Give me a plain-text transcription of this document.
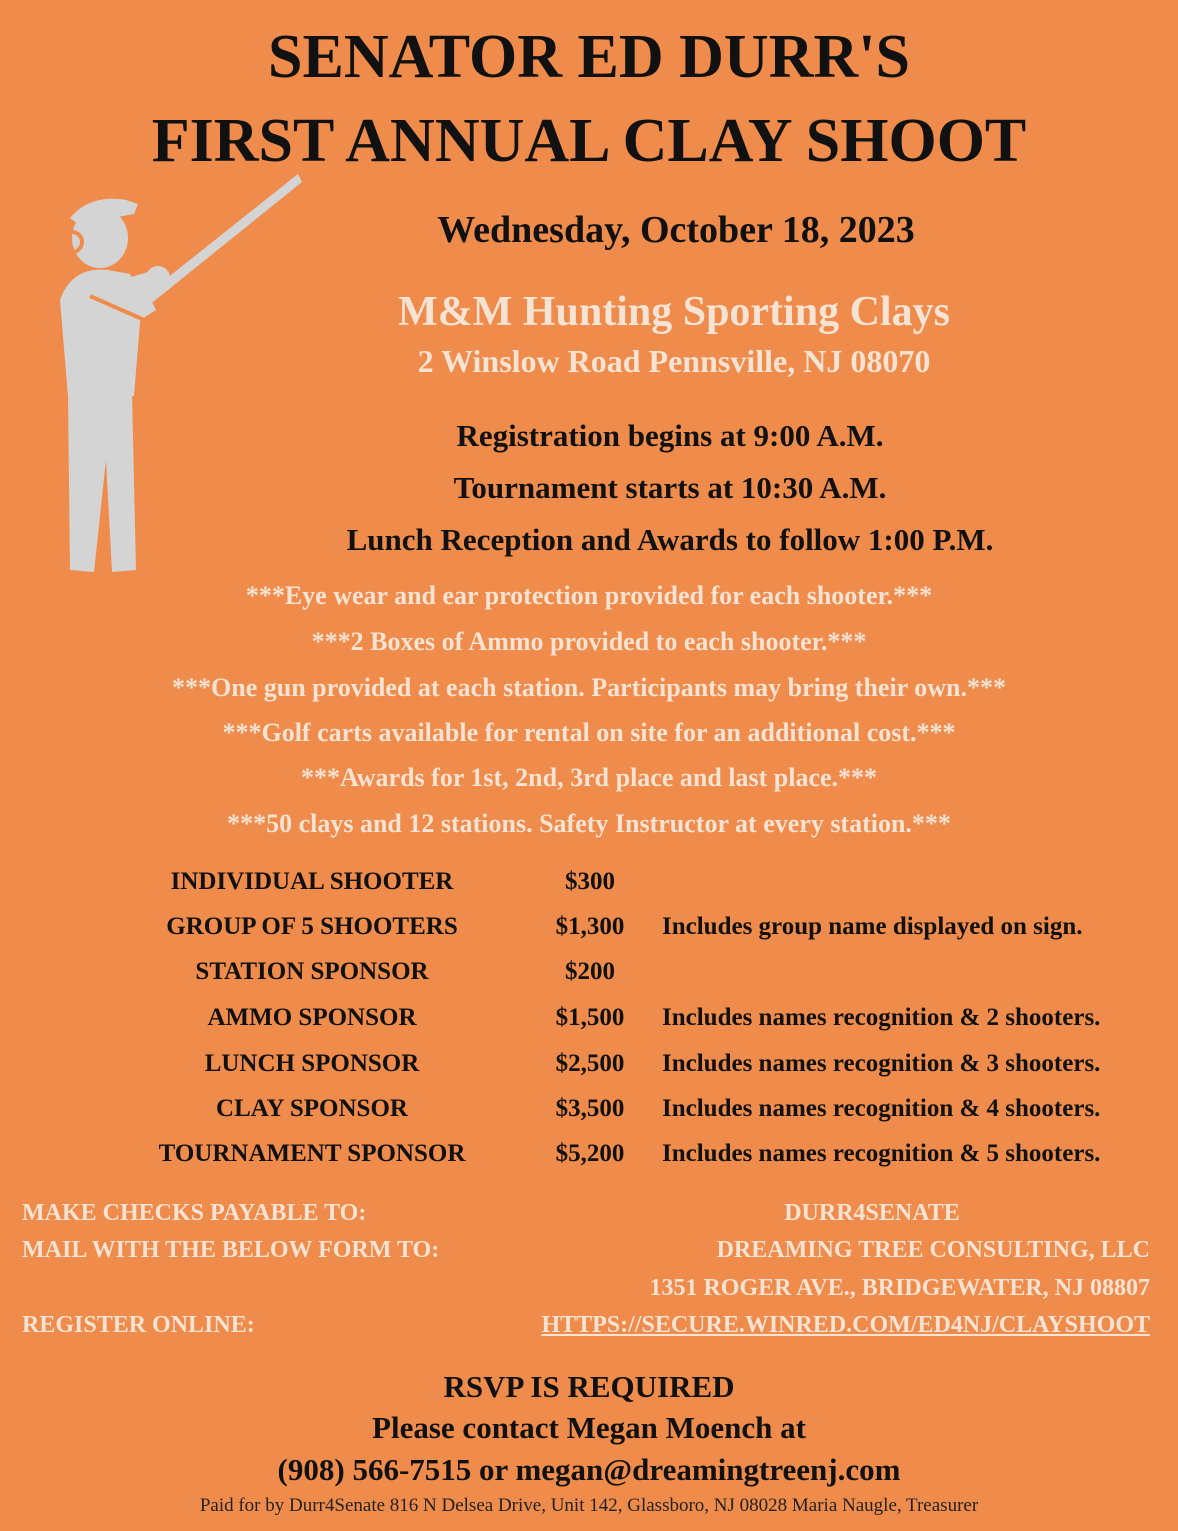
SENATOR ED DURR'S
FIRST ANNUAL CLAY SHOOT
Wednesday, October 18, 2023
M&M Hunting Sporting Clays
2 Winslow Road Pennsville, NJ 08070
Registration begins at 9:00 A.M.
Tournament starts at 10:30 A.M.
Lunch Reception and Awards to follow 1:00 P.M.
***Eye wear and ear protection provided for each shooter.***
***2 Boxes of Ammo provided to each shooter.***
***One gun provided at each station. Participants may bring their own.***
***Golf carts available for rental on site for an additional cost.***
***Awards for 1st, 2nd, 3rd place and last place.***
***50 clays and 12 stations. Safety Instructor at every station.***
INDIVIDUAL SHOOTER	$300
GROUP OF 5 SHOOTERS	$1,300	Includes group name displayed on sign.
STATION SPONSOR	$200
AMMO SPONSOR	$1,500	Includes names recognition & 2 shooters.
LUNCH SPONSOR	$2,500	Includes names recognition & 3 shooters.
CLAY SPONSOR	$3,500	Includes names recognition & 4 shooters.
TOURNAMENT SPONSOR	$5,200	Includes names recognition & 5 shooters.
MAKE CHECKS PAYABLE TO:	DURR4SENATE
MAIL WITH THE BELOW FORM TO:	DREAMING TREE CONSULTING, LLC
1351 ROGER AVE., BRIDGEWATER, NJ 08807
REGISTER ONLINE:	HTTPS://SECURE.WINRED.COM/ED4NJ/CLAYSHOOT
RSVP IS REQUIRED
Please contact Megan Moench at
(908) 566-7515 or megan@dreamingtreenj.com
Paid for by Durr4Senate 816 N Delsea Drive, Unit 142, Glassboro, NJ 08028 Maria Naugle, Treasurer
